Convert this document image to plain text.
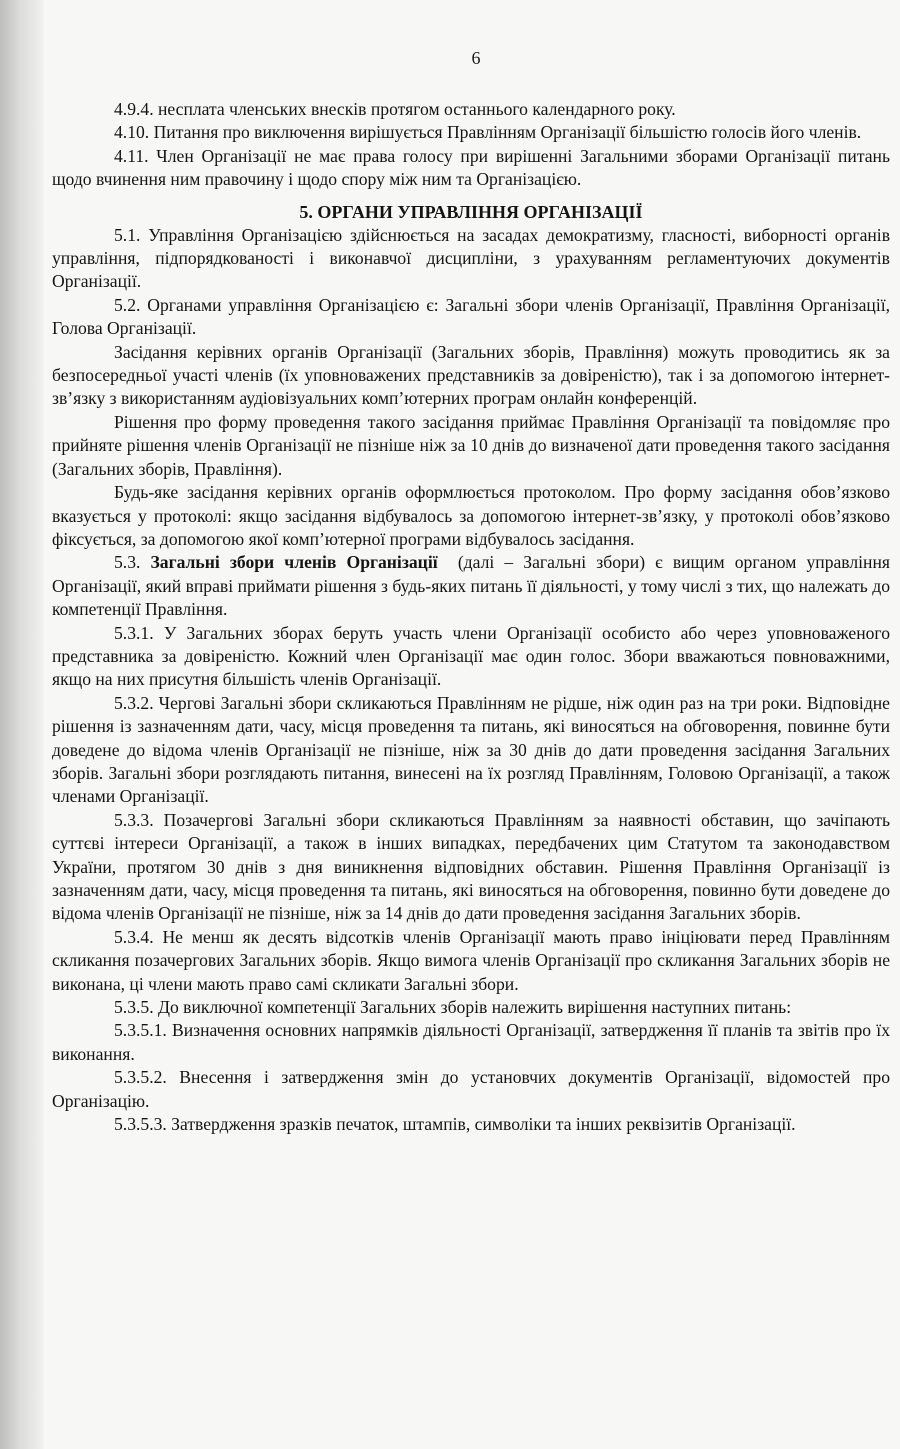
6

4.9.4. несплата членських внесків протягом останнього календарного року.

4.10. Питання про виключення вирішується Правлінням Організації більшістю голосів його членів.

4.11. Член Організації не має права голосу при вирішенні Загальними зборами Організації питань щодо вчинення ним правочину і щодо спору між ним та Організацією.

5. ОРГАНИ УПРАВЛІННЯ ОРГАНІЗАЦІЇ

5.1. Управління Організацією здійснюється на засадах демократизму, гласності, виборності органів управління, підпорядкованості і виконавчої дисципліни, з урахуванням регламентуючих документів Організації.

5.2. Органами управління Організацією є: Загальні збори членів Організації, Правління Організації, Голова Організації.

Засідання керівних органів Організації (Загальних зборів, Правління) можуть проводитись як за безпосередньої участі членів (їх уповноважених представників за довіреністю), так і за допомогою інтернет-зв’язку з використанням аудіовізуальних комп’ютерних програм онлайн конференцій.

Рішення про форму проведення такого засідання приймає Правління Організації та повідомляє про прийняте рішення членів Організації не пізніше ніж за 10 днів до визначеної дати проведення такого засідання (Загальних зборів, Правління).

Будь-яке засідання керівних органів оформлюється протоколом. Про форму засідання обов’язково вказується у протоколі: якщо засідання відбувалось за допомогою інтернет-зв’язку, у протоколі обов’язково фіксується, за допомогою якої комп’ютерної програми відбувалось засідання.

5.3. Загальні збори членів Організації (далі – Загальні збори) є вищим органом управління Організації, який вправі приймати рішення з будь-яких питань її діяльності, у тому числі з тих, що належать до компетенції Правління.

5.3.1. У Загальних зборах беруть участь члени Організації особисто або через уповноваженого представника за довіреністю. Кожний член Організації має один голос. Збори вважаються повноважними, якщо на них присутня більшість членів Організації.

5.3.2. Чергові Загальні збори скликаються Правлінням не рідше, ніж один раз на три роки. Відповідне рішення із зазначенням дати, часу, місця проведення та питань, які виносяться на обговорення, повинне бути доведене до відома членів Організації не пізніше, ніж за 30 днів до дати проведення засідання Загальних зборів. Загальні збори розглядають питання, винесені на їх розгляд Правлінням, Головою Організації, а також членами Організації.

5.3.3. Позачергові Загальні збори скликаються Правлінням за наявності обставин, що зачіпають суттєві інтереси Організації, а також в інших випадках, передбачених цим Статутом та законодавством України, протягом 30 днів з дня виникнення відповідних обставин. Рішення Правління Організації із зазначенням дати, часу, місця проведення та питань, які виносяться на обговорення, повинно бути доведене до відома членів Організації не пізніше, ніж за 14 днів до дати проведення засідання Загальних зборів.

5.3.4. Не менш як десять відсотків членів Організації мають право ініціювати перед Правлінням скликання позачергових Загальних зборів. Якщо вимога членів Організації про скликання Загальних зборів не виконана, ці члени мають право самі скликати Загальні збори.

5.3.5. До виключної компетенції Загальних зборів належить вирішення наступних питань:

5.3.5.1. Визначення основних напрямків діяльності Організації, затвердження її планів та звітів про їх виконання.

5.3.5.2. Внесення і затвердження змін до установчих документів Організації, відомостей про Організацію.

5.3.5.3. Затвердження зразків печаток, штампів, символіки та інших реквізитів Організації.
